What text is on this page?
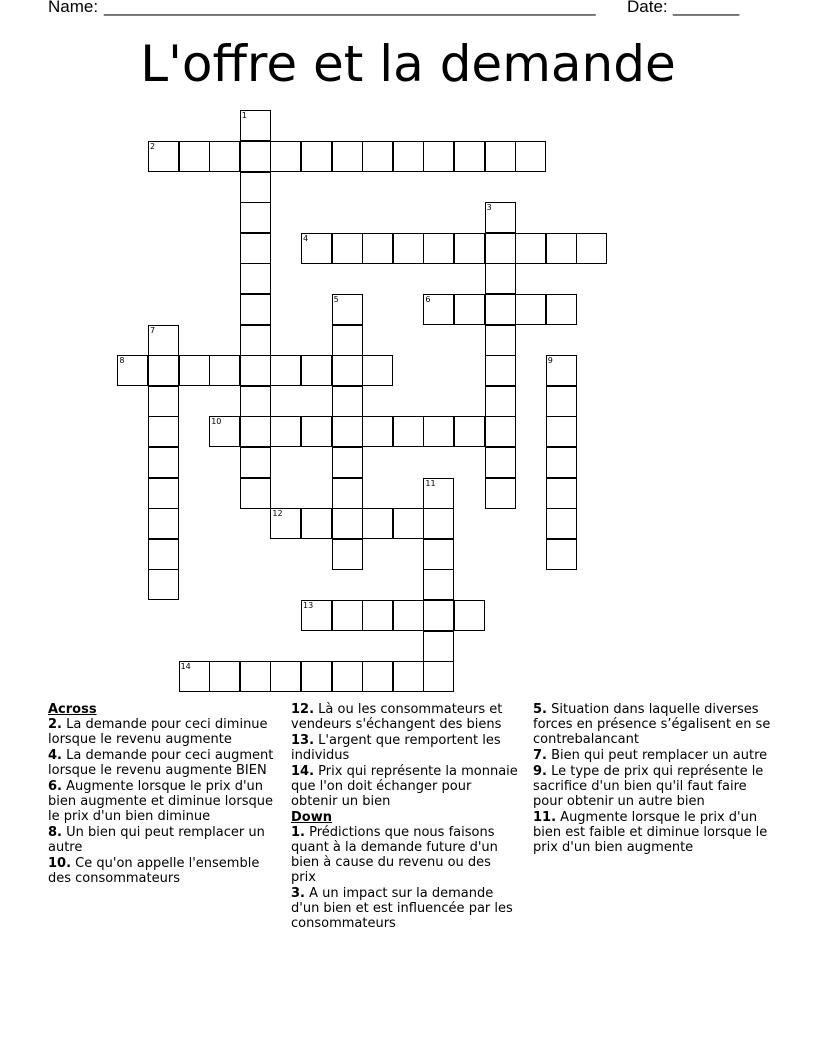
Name: ____________________________________________________ Date: _______
L'offre et la demande
1
2
3
4
5	6
7
8	9
10
11
12
13
14
Across
2. La demande pour ceci diminue lorsque le revenu augmente
4. La demande pour ceci augment lorsque le revenu augmente BIEN
6. Augmente lorsque le prix d'un bien augmente et diminue lorsque le prix d'un bien diminue
8. Un bien qui peut remplacer un autre
10. Ce qu'on appelle l'ensemble des consommateurs
12. Là ou les consommateurs et vendeurs s'échangent des biens
13. L'argent que remportent les individus
14. Prix qui représente la monnaie que l'on doit échanger pour obtenir un bien
Down
1. Prédictions que nous faisons quant à la demande future d'un bien à cause du revenu ou des prix
3. A un impact sur la demande d'un bien et est influencée par les consommateurs
5. Situation dans laquelle diverses forces en présence s’égalisent en se contrebalancant
7. Bien qui peut remplacer un autre
9. Le type de prix qui représente le sacrifice d'un bien qu'il faut faire pour obtenir un autre bien
11. Augmente lorsque le prix d'un bien est faible et diminue lorsque le prix d'un bien augmente
